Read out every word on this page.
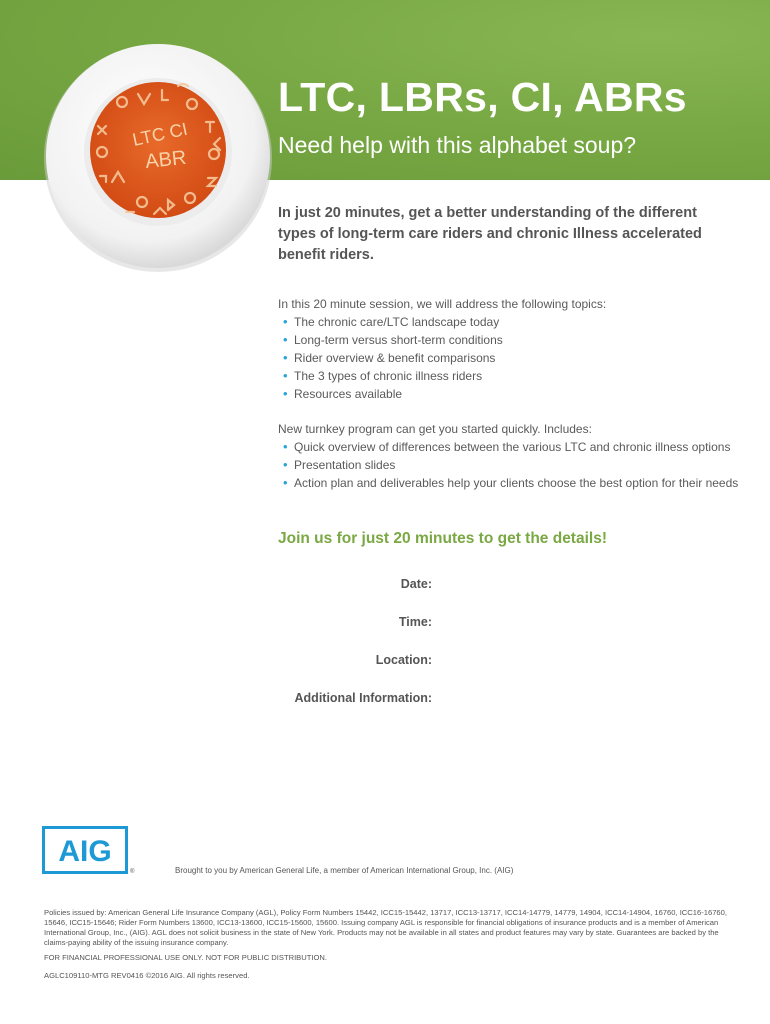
LTC CI
ABR
LTC, LBRs, CI, ABRs
Need help with this alphabet soup?
In just 20 minutes, get a better understanding of the different types of long-term care riders and chronic Illness accelerated benefit riders.
In this 20 minute session, we will address the following topics:
• The chronic care/LTC landscape today
• Long-term versus short-term conditions
• Rider overview & benefit comparisons
• The 3 types of chronic illness riders
• Resources available
New turnkey program can get you started quickly. Includes:
• Quick overview of differences between the various LTC and chronic illness options
• Presentation slides
• Action plan and deliverables help your clients choose the best option for their needs
Join us for just 20 minutes to get the details!
Date:
Time:
Location:
Additional Information:
AIG
®	Brought to you by American General Life, a member of American International Group, Inc. (AIG)
Policies issued by: American General Life Insurance Company (AGL), Policy Form Numbers 15442, ICC15-15442, 13717, ICC13-13717, ICC14-14779, 14779, 14904, ICC14-14904, 16760, ICC16-16760, 15646, ICC15-15646; Rider Form Numbers 13600, ICC13-13600, ICC15-15600, 15600. Issuing company AGL is responsible for financial obligations of insurance products and is a member of American International Group, Inc., (AIG). AGL does not solicit business in the state of New York. Products may not be available in all states and product features may vary by state. Guarantees are backed by the claims-paying ability of the issuing insurance company.
FOR FINANCIAL PROFESSIONAL USE ONLY. NOT FOR PUBLIC DISTRIBUTION.
AGLC109110-MTG REV0416 ©2016 AIG. All rights reserved.
